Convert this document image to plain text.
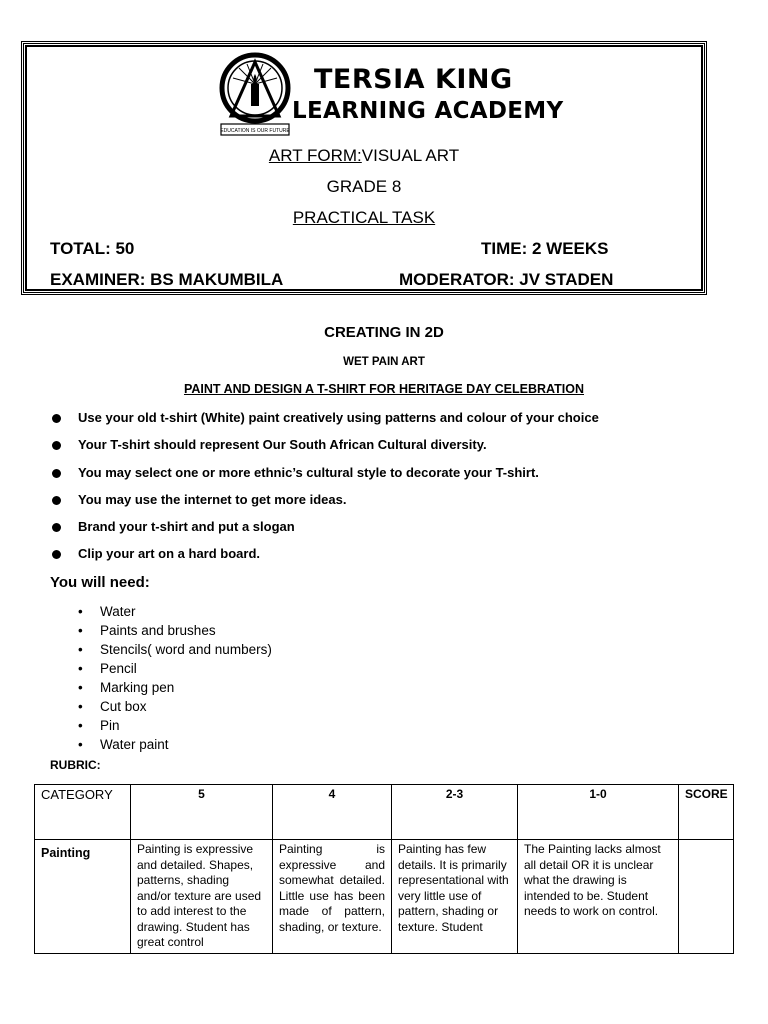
EDUCATION IS OUR FUTURE
TERSIA KING
LEARNING ACADEMY
ART FORM:VISUAL ART
GRADE 8
PRACTICAL TASK
TOTAL: 50	TIME: 2 WEEKS
EXAMINER: BS MAKUMBILA	MODERATOR: JV STADEN
CREATING IN 2D
WET PAIN ART
PAINT AND DESIGN A T-SHIRT FOR HERITAGE DAY CELEBRATION
Use your old t-shirt (White) paint creatively using patterns and colour of your choice
Your T-shirt should represent Our South African Cultural diversity.
You may select one or more ethnic’s cultural style to decorate your T-shirt.
You may use the internet to get more ideas.
Brand your t-shirt and put a slogan
Clip your art on a hard board.
You will need:
• Water
• Paints and brushes
• Stencils( word and numbers)
• Pencil
• Marking pen
• Cut box
• Pin
• Water paint
RUBRIC:
CATEGORY	5	4	2-3	1-0	SCORE
Painting	Painting is expressive and detailed. Shapes, patterns, shading and/or texture are used to add interest to the drawing. Student has great control	Painting is expressive and somewhat detailed. Little use has been made of pattern, shading, or texture.	Painting has few details. It is primarily representational with very little use of pattern, shading or texture. Student	The Painting lacks almost all detail OR it is unclear what the drawing is intended to be. Student needs to work on control.	
